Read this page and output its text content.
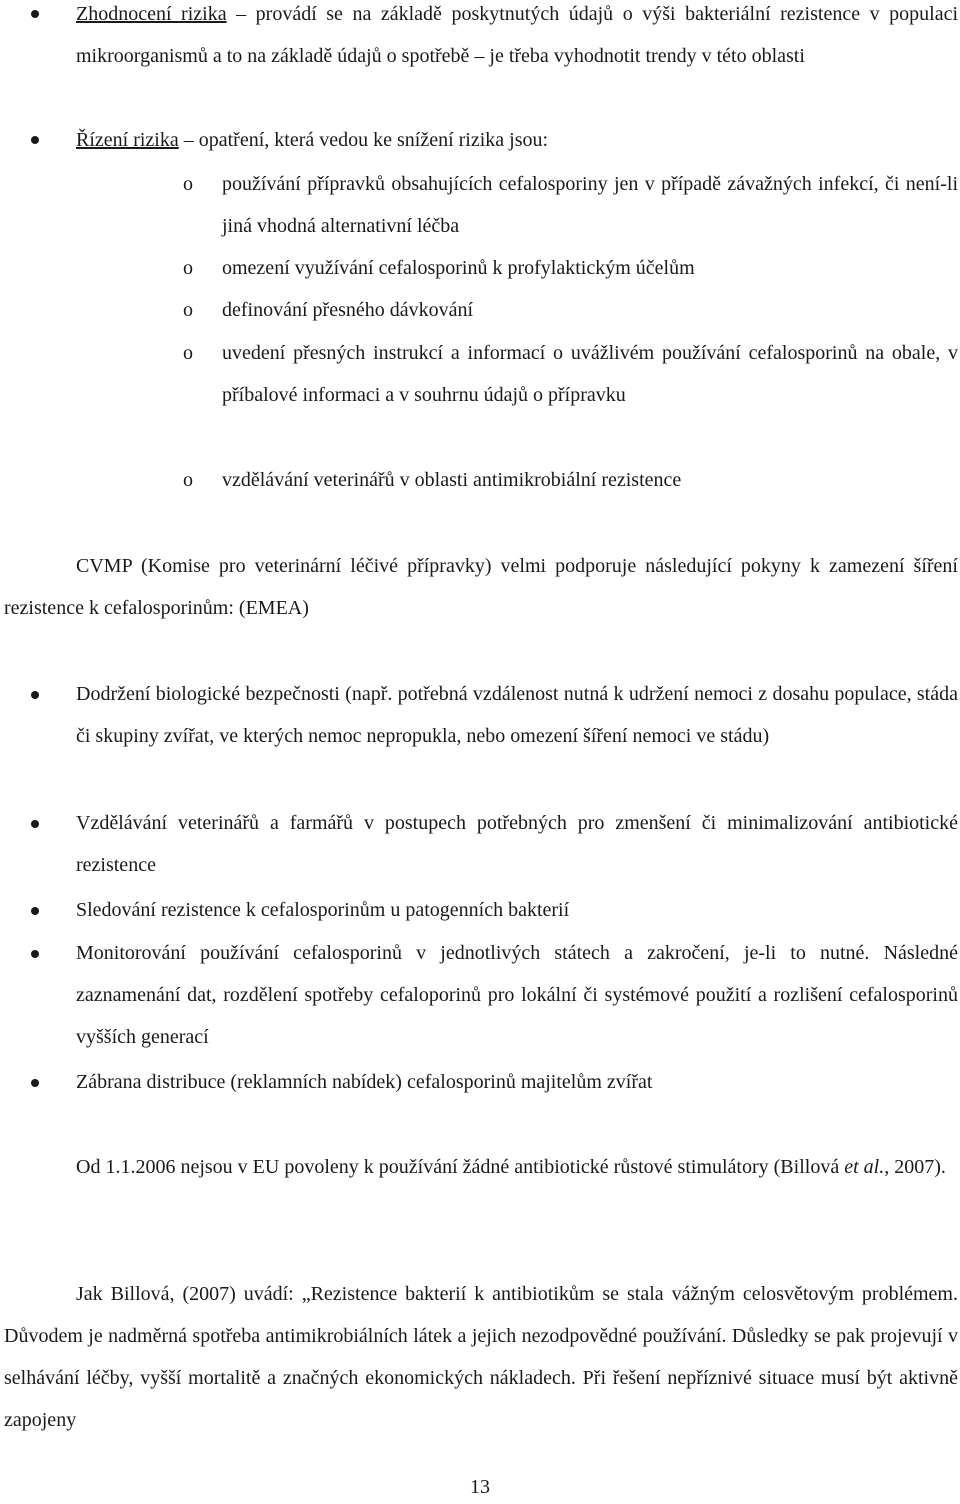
Zhodnocení rizika – provádí se na základě poskytnutých údajů o výši bakteriální rezistence v populaci mikroorganismů a to na základě údajů o spotřebě – je třeba vyhodnotit trendy v této oblasti
Řízení rizika – opatření, která vedou ke snížení rizika jsou:
o používání přípravků obsahujících cefalosporiny jen v případě závažných infekcí, či není-li jiná vhodná alternativní léčba
o omezení využívání cefalosporinů k profylaktickým účelům
o definování přesného dávkování
o uvedení přesných instrukcí a informací o uvážlivém používání cefalosporinů na obale, v příbalové informaci a v souhrnu údajů o přípravku
o vzdělávání veterinářů v oblasti antimikrobiální rezistence
CVMP (Komise pro veterinární léčivé přípravky) velmi podporuje následující pokyny k zamezení šíření rezistence k cefalosporinům: (EMEA)
Dodržení biologické bezpečnosti (např. potřebná vzdálenost nutná k udržení nemoci z dosahu populace, stáda či skupiny zvířat, ve kterých nemoc nepropukla, nebo omezení šíření nemoci ve stádu)
Vzdělávání veterinářů a farmářů v postupech potřebných pro zmenšení či minimalizování antibiotické rezistence
Sledování rezistence k cefalosporinům u patogenních bakterií
Monitorování používání cefalosporinů v jednotlivých státech a zakročení, je-li to nutné. Následné zaznamenání dat, rozdělení spotřeby cefaloporinů pro lokální či systémové použití a rozlišení cefalosporinů vyšších generací
Zábrana distribuce (reklamních nabídek) cefalosporinů majitelům zvířat
Od 1.1.2006 nejsou v EU povoleny k používání žádné antibiotické růstové stimulátory (Billová et al., 2007).
Jak Billová, (2007) uvádí: „Rezistence bakterií k antibiotikům se stala vážným celosvětovým problémem. Důvodem je nadměrná spotřeba antimikrobiálních látek a jejich nezodpovědné používání. Důsledky se pak projevují v selhávání léčby, vyšší mortalitě a značných ekonomických nákladech. Při řešení nepříznivé situace musí být aktivně zapojeny
13
